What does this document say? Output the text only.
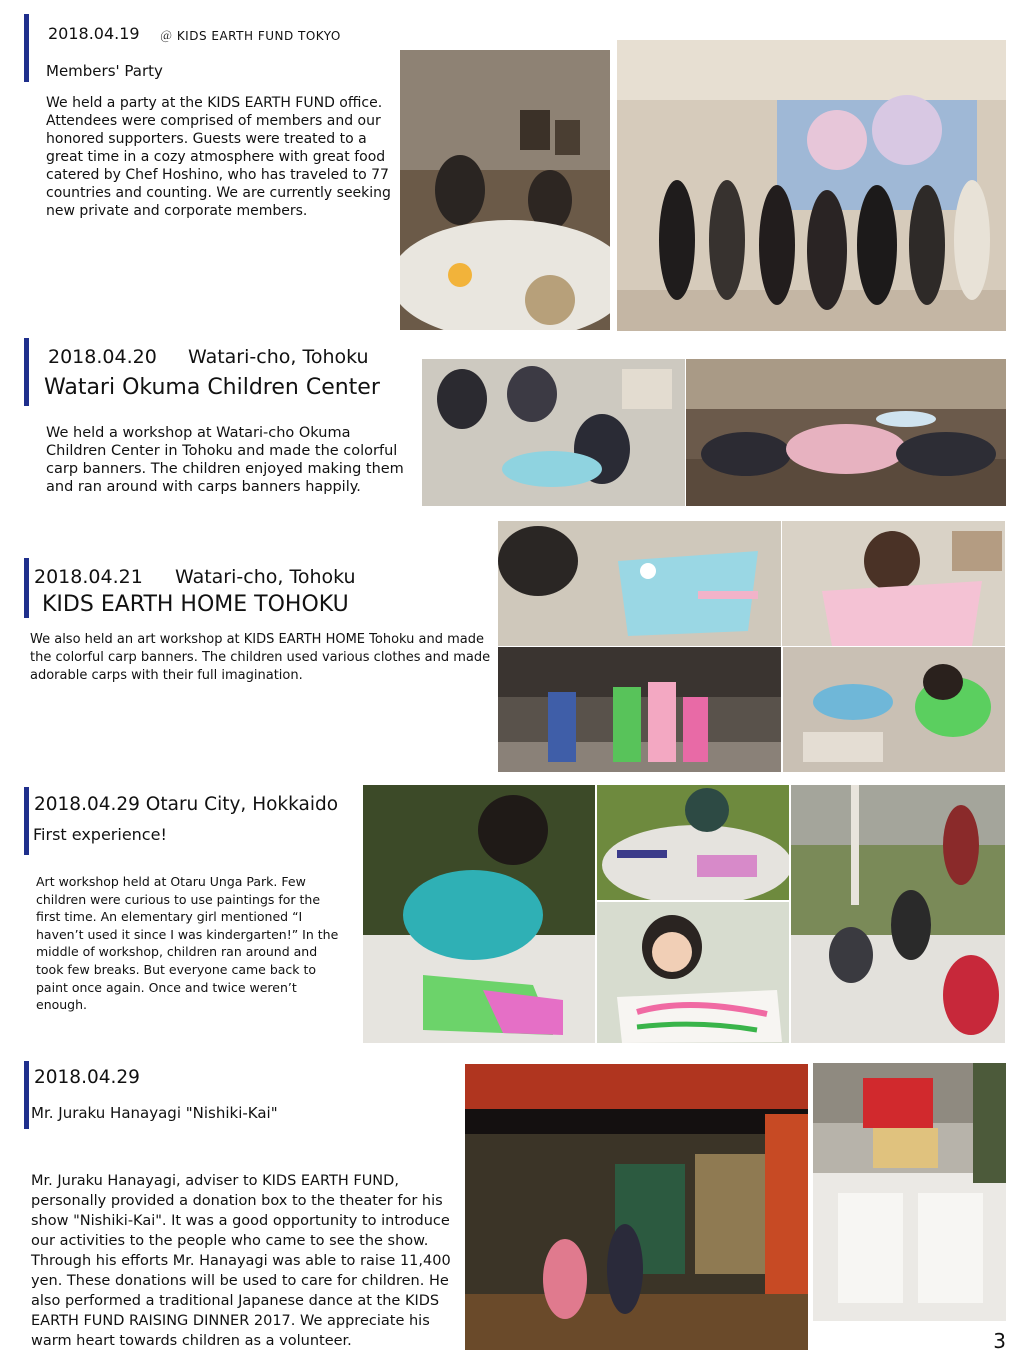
2018.04.19 ＠ KIDS EARTH FUND TOKYO
Members' Party
We held a party at the KIDS EARTH FUND office. Attendees were comprised of members and our honored supporters. Guests were treated to a great time in a cozy atmosphere with great food catered by Chef Hoshino, who has traveled to 77 countries and counting. We are currently seeking new private and corporate members.
2018.04.20 Watari-cho, Tohoku
Watari Okuma Children Center
We held a workshop at Watari-cho Okuma Children Center in Tohoku and made the colorful carp banners. The children enjoyed making them and ran around with carps banners happily.
2018.04.21 Watari-cho, Tohoku
KIDS EARTH HOME TOHOKU
We also held an art workshop at KIDS EARTH HOME Tohoku and made the colorful carp banners. The children used various clothes and made adorable carps with their full imagination.
2018.04.29 Otaru City, Hokkaido
First experience!
Art workshop held at Otaru Unga Park. Few children were curious to use paintings for the first time. An elementary girl mentioned “I haven’t used it since I was kindergarten!” In the middle of workshop, children ran around and took few breaks. But everyone came back to paint once again. Once and twice weren’t enough.
2018.04.29
Mr. Juraku Hanayagi "Nishiki-Kai"
Mr. Juraku Hanayagi, adviser to KIDS EARTH FUND, personally provided a donation box to the theater for his show "Nishiki-Kai". It was a good opportunity to introduce our activities to the people who came to see the show. Through his efforts Mr. Hanayagi was able to raise 11,400 yen. These donations will be used to care for children. He also performed a traditional Japanese dance at the KIDS EARTH FUND RAISING DINNER 2017. We appreciate his warm heart towards children as a volunteer.	3
